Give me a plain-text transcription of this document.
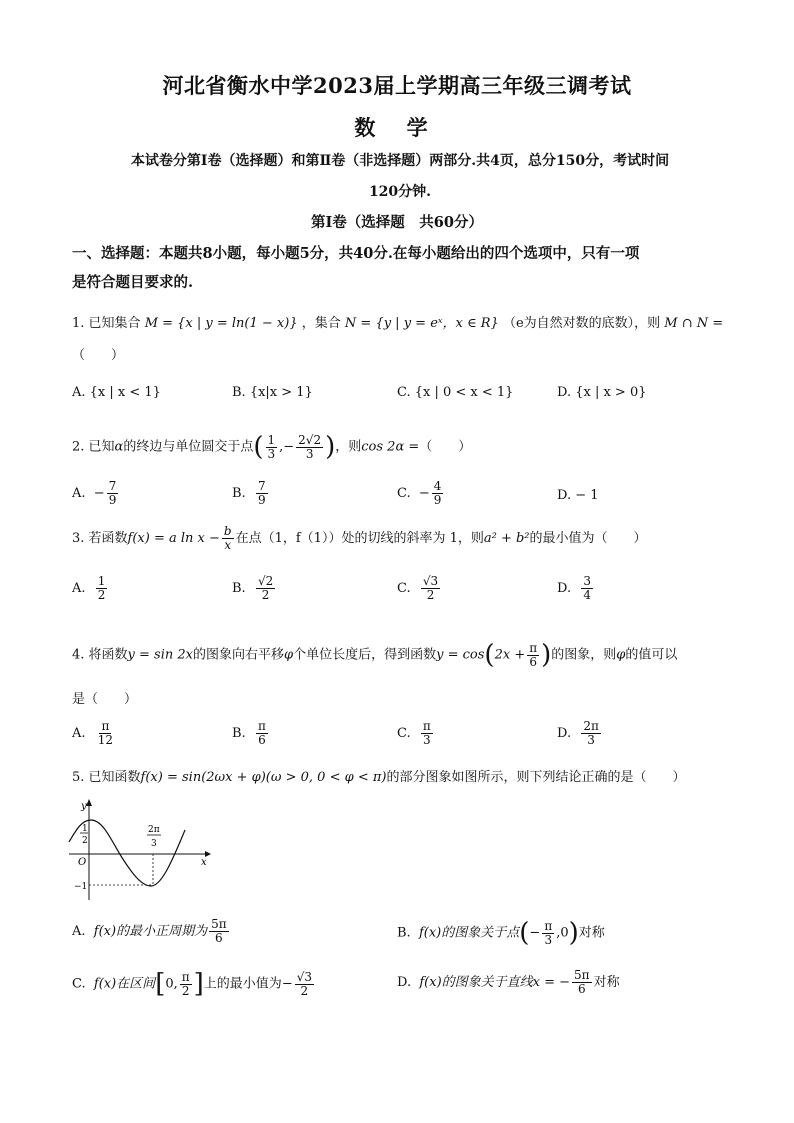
河北省衡水中学2023届上学期高三年级三调考试
数 学
本试卷分第Ⅰ卷（选择题）和第Ⅱ卷（非选择题）两部分.共4页，总分150分，考试时间
120分钟.
第Ⅰ卷（选择题　共60分）
一、选择题：本题共8小题，每小题5分，共40分.在每小题给出的四个选项中，只有一项
是符合题目要求的.
1. 已知集合 M = {x | y = ln(1 − x)} ，集合 N = {y | y = eˣ，x ∈ R} （e为自然对数的底数），则 M ∩ N =
（　　）
A. {x | x < 1}	B. {x|x > 1}	C. {x | 0 < x < 1}	D. {x | x > 0}
2. 已知α的终边与单位圆交于点( $\frac{1}{3}$ ,− $\frac{2√2}{3}$ )，则cos 2α =（　　）
A. − $\frac{7}{9}$	B. $\frac{7}{9}$	C. − $\frac{4}{9}$	D. − 1
3. 若函数f(x) = a $\ln x - \frac{b}{x}$ 在点（1，f（1））处的切线的斜率为 1，则a² + b²的最小值为（　　）
A. $\frac{1}{2}$	B. $\frac{√2}{2}$	C. $\frac{√3}{2}$	D. $\frac{3}{4}$
4. 将函数y = sin 2x的图象向右平移φ个单位长度后，得到函数$y = \cos(2x + \frac{\pi}{6}$ )的图象，则φ的值可以
是（　　）
A. $\frac{\pi}{12}$	B. $\frac{\pi}{6}$	C. $\frac{\pi}{3}$	D. $\frac{2\pi}{3}$
5. 已知函数f(x) = sin(2ωx + φ)(ω > 0, 0 < φ < π)的部分图象如图所示，则下列结论正确的是（　　）
y
x
O
1
2
−1
2π
3
A. f(x)的最小正周期为 $\frac{5\pi}{6}$	B. f(x)的图象关于点(− $\frac{\pi}{3} ,0$)对称
C. f(x)在区间[0, $\frac{\pi}{2}$ ]上的最小值为− $\frac{√3}{2}$	D. f(x)的图象关于直线x = − $\frac{5\pi}{6}$ 对称
